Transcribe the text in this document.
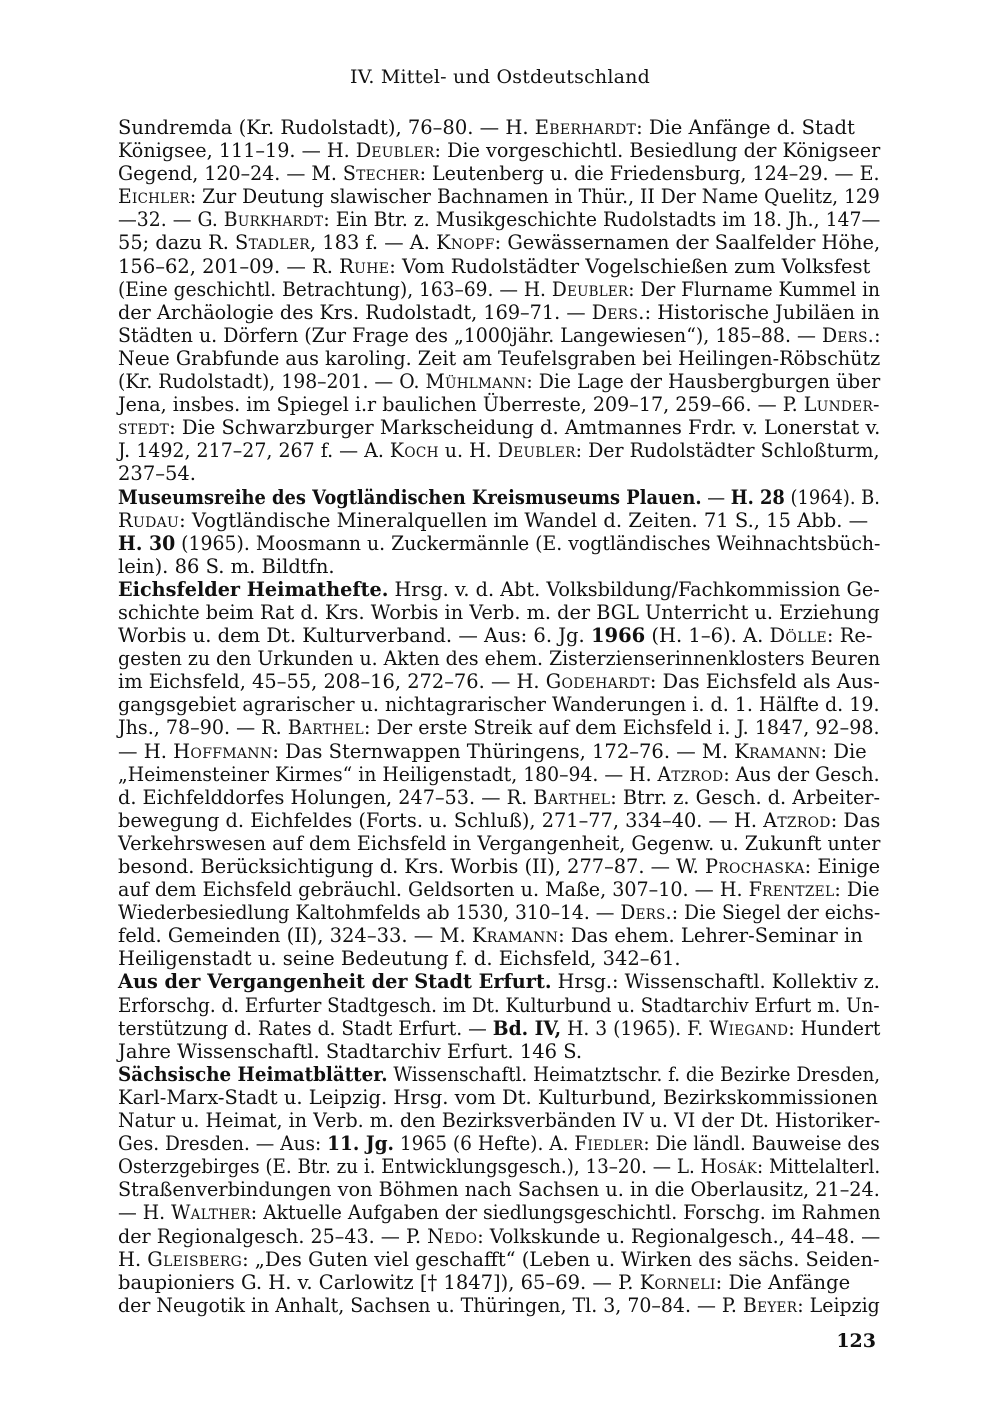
IV. Mittel- und Ostdeutschland
Sundremda (Kr. Rudolstadt), 76–80. — H. Eberhardt: Die Anfänge d. Stadt
Königsee, 111–19. — H. Deubler: Die vorgeschichtl. Besiedlung der Königseer
Gegend, 120–24. — M. Stecher: Leutenberg u. die Friedensburg, 124–29. — E.
Eichler: Zur Deutung slawischer Bachnamen in Thür., II Der Name Quelitz, 129
—32. — G. Burkhardt: Ein Btr. z. Musikgeschichte Rudolstadts im 18. Jh., 147—
55; dazu R. Stadler, 183 f. — A. Knopf: Gewässernamen der Saalfelder Höhe,
156–62, 201–09. — R. Ruhe: Vom Rudolstädter Vogelschießen zum Volksfest
(Eine geschichtl. Betrachtung), 163–69. — H. Deubler: Der Flurname Kummel in
der Archäologie des Krs. Rudolstadt, 169–71. — Ders.: Historische Jubiläen in
Städten u. Dörfern (Zur Frage des „1000jähr. Langewiesen“), 185–88. — Ders.:
Neue Grabfunde aus karoling. Zeit am Teufelsgraben bei Heilingen-Röbschütz
(Kr. Rudolstadt), 198–201. — O. Mühlmann: Die Lage der Hausbergburgen über
Jena, insbes. im Spiegel i.r baulichen Überreste, 209–17, 259–66. — P. Lunder-
stedt: Die Schwarzburger Markscheidung d. Amtmannes Frdr. v. Lonerstat v.
J. 1492, 217–27, 267 f. — A. Koch u. H. Deubler: Der Rudolstädter Schloßturm,
237–54.
Museumsreihe des Vogtländischen Kreismuseums Plauen. — H. 28 (1964). B.
Rudau: Vogtländische Mineralquellen im Wandel d. Zeiten. 71 S., 15 Abb. —
H. 30 (1965). Moosmann u. Zuckermännle (E. vogtländisches Weihnachtsbüch-
lein). 86 S. m. Bildtfn.
Eichsfelder Heimathefte. Hrsg. v. d. Abt. Volksbildung/Fachkommission Ge-
schichte beim Rat d. Krs. Worbis in Verb. m. der BGL Unterricht u. Erziehung
Worbis u. dem Dt. Kulturverband. — Aus: 6. Jg. 1966 (H. 1–6). A. Dölle: Re-
gesten zu den Urkunden u. Akten des ehem. Zisterzienserinnenklosters Beuren
im Eichsfeld, 45–55, 208–16, 272–76. — H. Godehardt: Das Eichsfeld als Aus-
gangsgebiet agrarischer u. nichtagrarischer Wanderungen i. d. 1. Hälfte d. 19.
Jhs., 78–90. — R. Barthel: Der erste Streik auf dem Eichsfeld i. J. 1847, 92–98.
— H. Hoffmann: Das Sternwappen Thüringens, 172–76. — M. Kramann: Die
„Heimensteiner Kirmes“ in Heiligenstadt, 180–94. — H. Atzrod: Aus der Gesch.
d. Eichfelddorfes Holungen, 247–53. — R. Barthel: Btrr. z. Gesch. d. Arbeiter-
bewegung d. Eichfeldes (Forts. u. Schluß), 271–77, 334–40. — H. Atzrod: Das
Verkehrswesen auf dem Eichsfeld in Vergangenheit, Gegenw. u. Zukunft unter
besond. Berücksichtigung d. Krs. Worbis (II), 277–87. — W. Prochaska: Einige
auf dem Eichsfeld gebräuchl. Geldsorten u. Maße, 307–10. — H. Frentzel: Die
Wiederbesiedlung Kaltohmfelds ab 1530, 310–14. — Ders.: Die Siegel der eichs-
feld. Gemeinden (II), 324–33. — M. Kramann: Das ehem. Lehrer-Seminar in
Heiligenstadt u. seine Bedeutung f. d. Eichsfeld, 342–61.
Aus der Vergangenheit der Stadt Erfurt. Hrsg.: Wissenschaftl. Kollektiv z.
Erforschg. d. Erfurter Stadtgesch. im Dt. Kulturbund u. Stadtarchiv Erfurt m. Un-
terstützung d. Rates d. Stadt Erfurt. — Bd. IV, H. 3 (1965). F. Wiegand: Hundert
Jahre Wissenschaftl. Stadtarchiv Erfurt. 146 S.
Sächsische Heimatblätter. Wissenschaftl. Heimatztschr. f. die Bezirke Dresden,
Karl-Marx-Stadt u. Leipzig. Hrsg. vom Dt. Kulturbund, Bezirkskommissionen
Natur u. Heimat, in Verb. m. den Bezirksverbänden IV u. VI der Dt. Historiker-
Ges. Dresden. — Aus: 11. Jg. 1965 (6 Hefte). A. Fiedler: Die ländl. Bauweise des
Osterzgebirges (E. Btr. zu i. Entwicklungsgesch.), 13–20. — L. Hosák: Mittelalterl.
Straßenverbindungen von Böhmen nach Sachsen u. in die Oberlausitz, 21–24.
— H. Walther: Aktuelle Aufgaben der siedlungsgeschichtl. Forschg. im Rahmen
der Regionalgesch. 25–43. — P. Nedo: Volkskunde u. Regionalgesch., 44–48. —
H. Gleisberg: „Des Guten viel geschafft“ (Leben u. Wirken des sächs. Seiden-
baupioniers G. H. v. Carlowitz [† 1847]), 65–69. — P. Korneli: Die Anfänge
der Neugotik in Anhalt, Sachsen u. Thüringen, Tl. 3, 70–84. — P. Beyer: Leipzig
123
